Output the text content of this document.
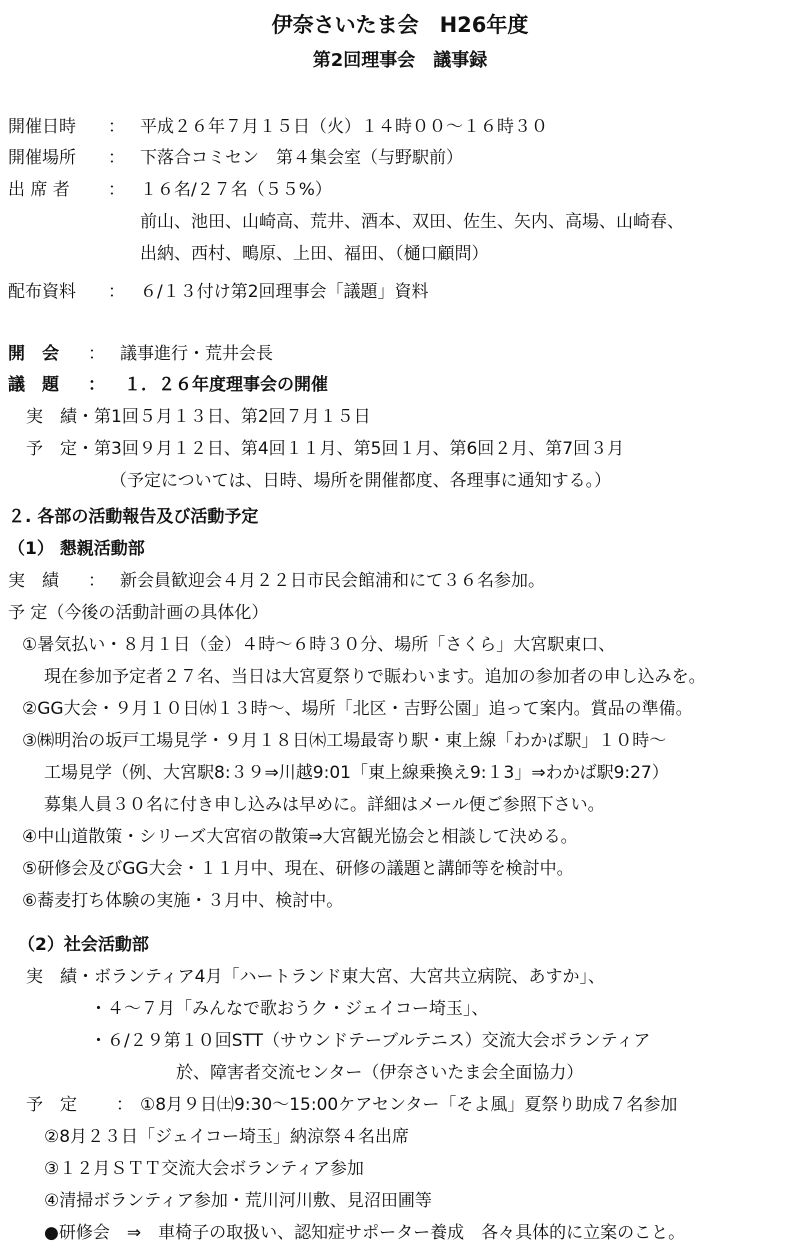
伊奈さいたま会　H26年度
第2回理事会　議事録
開催日時 ： 平成２６年７月１５日（火）１４時００～１６時３０
開催場所 ： 下落合コミセン　第４集会室（与野駅前）
出 席 者 ： １６名/２７名（５５%）
前山、池田、山崎高、荒井、酒本、双田、佐生、矢内、高場、山崎春、
出納、西村、鴫原、上田、福田、（樋口顧問）
配布資料 ： ６/１３付け第2回理事会「議題」資料
開　会 ： 議事進行・荒井会長
議　題 ： １．２６年度理事会の開催
実　績・第1回５月１３日、第2回７月１５日
予　定・第3回９月１２日、第4回１１月、第5回１月、第6回２月、第7回３月
（予定については、日時、場所を開催都度、各理事に通知する。）
２. 各部の活動報告及び活動予定
（1） 懇親活動部
実　績 ： 新会員歓迎会４月２２日市民会館浦和にて３６名参加。
予 定（今後の活動計画の具体化）
①暑気払い・８月１日（金）４時～６時３０分、場所「さくら」大宮駅東口、
現在参加予定者２７名、当日は大宮夏祭りで賑わいます。追加の参加者の申し込みを。
②GG大会・９月１０日㈬１３時～、場所「北区・吉野公園」追って案内。賞品の準備。
③㈱明治の坂戸工場見学・９月１８日㈭工場最寄り駅・東上線「わかば駅」１０時～
工場見学（例、大宮駅8:３９⇒川越9:01「東上線乗換え9:１3」⇒わかば駅9:27）
募集人員３０名に付き申し込みは早めに。詳細はメール便ご参照下さい。
④中山道散策・シリーズ大宮宿の散策⇒大宮観光協会と相談して決める。
⑤研修会及びGG大会・１１月中、現在、研修の議題と講師等を検討中。
⑥蕎麦打ち体験の実施・３月中、検討中。
（2）社会活動部
実　績・ボランティア4月「ハートランド東大宮、大宮共立病院、あすか」、
・４～７月「みんなで歌おうク・ジェイコー埼玉」、
・６/２９第１０回STT（サウンドテーブルテニス）交流大会ボランティア
於、障害者交流センター（伊奈さいたま会全面協力）
予　定 ： ①8月９日㈯9:30～15:00ケアセンター「そよ風」夏祭り助成７名参加
②8月２３日「ジェイコー埼玉」納涼祭４名出席
③１２月ＳＴＴ交流大会ボランティア参加
④清掃ボランティア参加・荒川河川敷、見沼田圃等
●研修会　⇒　車椅子の取扱い、認知症サポーター養成　各々具体的に立案のこと。
